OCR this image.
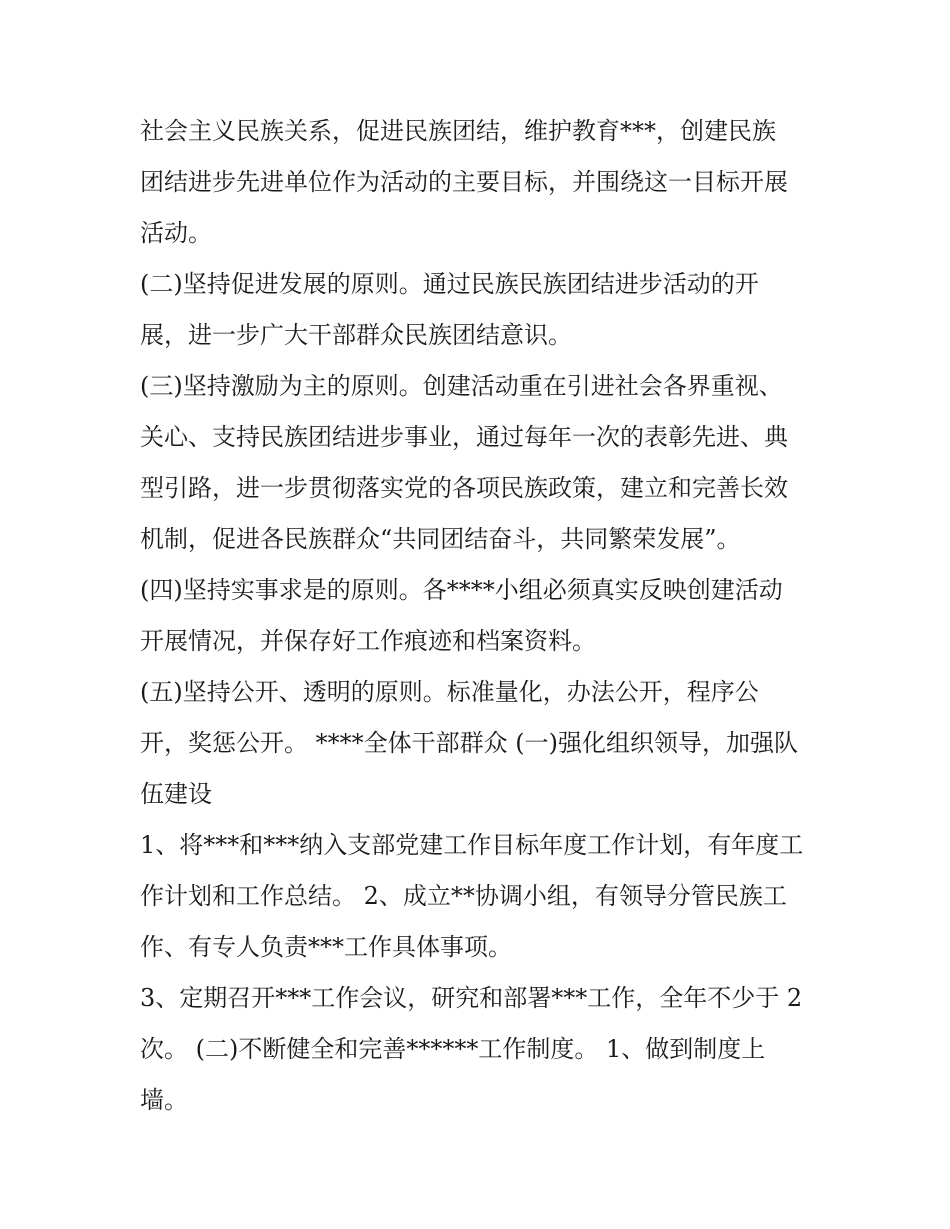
社会主义民族关系，促进民族团结，维护教育***，创建民族
团结进步先进单位作为活动的主要目标，并围绕这一目标开展
活动。
(二)坚持促进发展的原则。通过民族民族团结进步活动的开
展，进一步广大干部群众民族团结意识。
(三)坚持激励为主的原则。创建活动重在引进社会各界重视、
关心、支持民族团结进步事业，通过每年一次的表彰先进、典
型引路，进一步贯彻落实党的各项民族政策，建立和完善长效
机制，促进各民族群众“共同团结奋斗，共同繁荣发展”。
(四)坚持实事求是的原则。各****小组必须真实反映创建活动
开展情况，并保存好工作痕迹和档案资料。
(五)坚持公开、透明的原则。标准量化，办法公开，程序公
开，奖惩公开。 ****全体干部群众 (一)强化组织领导，加强队
伍建设
1、将***和***纳入支部党建工作目标年度工作计划，有年度工
作计划和工作总结。 2、成立**协调小组，有领导分管民族工
作、有专人负责***工作具体事项。
3、定期召开***工作会议，研究和部署***工作，全年不少于 2
次。 (二)不断健全和完善******工作制度。 1、做到制度上
墙。
